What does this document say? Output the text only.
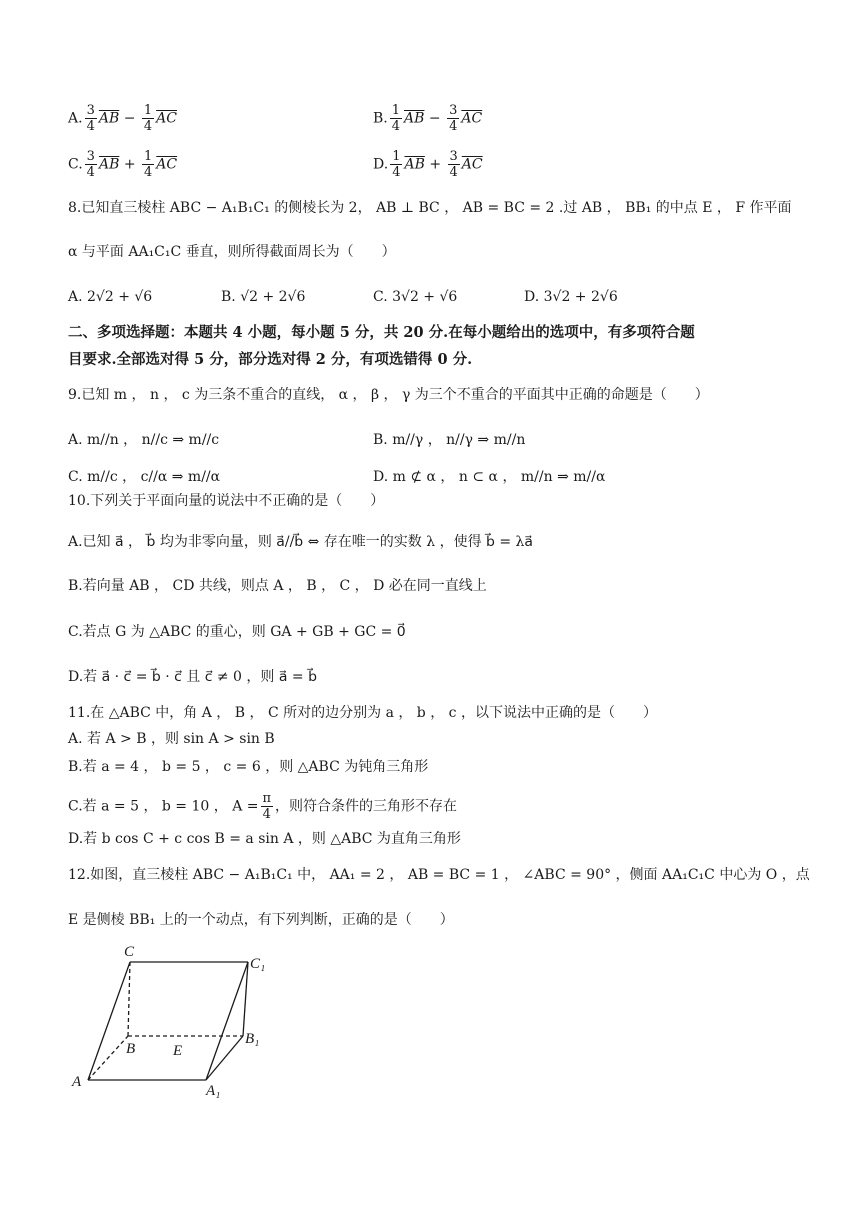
A. $\frac{3}{4} \overline{AB} - \frac{1}{4} \overline{AC}$	B. $\frac{1}{4} \overline{AB} - \frac{3}{4} \overline{AC}$
C. $\frac{3}{4} \overline{AB} + \frac{1}{4} \overline{AC}$	D. $\frac{1}{4} \overline{AB} + \frac{3}{4} \overline{AC}$
8.已知直三棱柱 ABC − A₁B₁C₁ 的侧棱长为 2， AB ⊥ BC ， AB = BC = 2 .过 AB ， BB₁ 的中点 E ， F 作平面
α 与平面 AA₁C₁C 垂直，则所得截面周长为（　　）
A. 2√2 + √6	B. √2 + 2√6	C. 3√2 + √6	D. 3√2 + 2√6
二、多项选择题：本题共 4 小题，每小题 5 分，共 20 分.在每小题给出的选项中，有多项符合题
目要求.全部选对得 5 分，部分选对得 2 分，有项选错得 0 分.
9.已知 m ， n ， c 为三条不重合的直线， α ， β ， γ 为三个不重合的平面其中正确的命题是（　　）
A. m//n ， n//c ⇒ m//c	B. m//γ ， n//γ ⇒ m//n
C. m//c ， c//α ⇒ m//α	D. m ⊄ α ， n ⊂ α ， m//n ⇒ m//α
10.下列关于平面向量的说法中不正确的是（　　）
A.已知 a⃗ ， b⃗ 均为非零向量，则 a⃗//b⃗ ⇔ 存在唯一的实数 λ ，使得 b⃗ = λa⃗
B.若向量 AB ， CD 共线，则点 A ， B ， C ， D 必在同一直线上
C.若点 G 为 △ABC 的重心，则 GA + GB + GC = 0⃗
D.若 a⃗ · c⃗ = b⃗ · c⃗ 且 c⃗ ≠ 0 ，则 a⃗ = b⃗
11.在 △ABC 中，角 A ， B ， C 所对的边分别为 a ， b ， c ，以下说法中正确的是（　　）
A. 若 A > B ，则 sin A > sin B
B.若 a = 4 ， b = 5 ， c = 6 ，则 △ABC 为钝角三角形
C.若 a = 5 ， b = 10 ， $A = \frac{\pi}{4}$ ，则符合条件的三角形不存在
D.若 b cos C + c cos B = a sin A ，则 △ABC 为直角三角形
12.如图，直三棱柱 ABC − A₁B₁C₁ 中， AA₁ = 2 ， AB = BC = 1 ， ∠ABC = 90° ，侧面 AA₁C₁C 中心为 O ，点
E 是侧棱 BB₁ 上的一个动点，有下列判断，正确的是（　　）
C
C₁
B	E
B₁
A
A₁
